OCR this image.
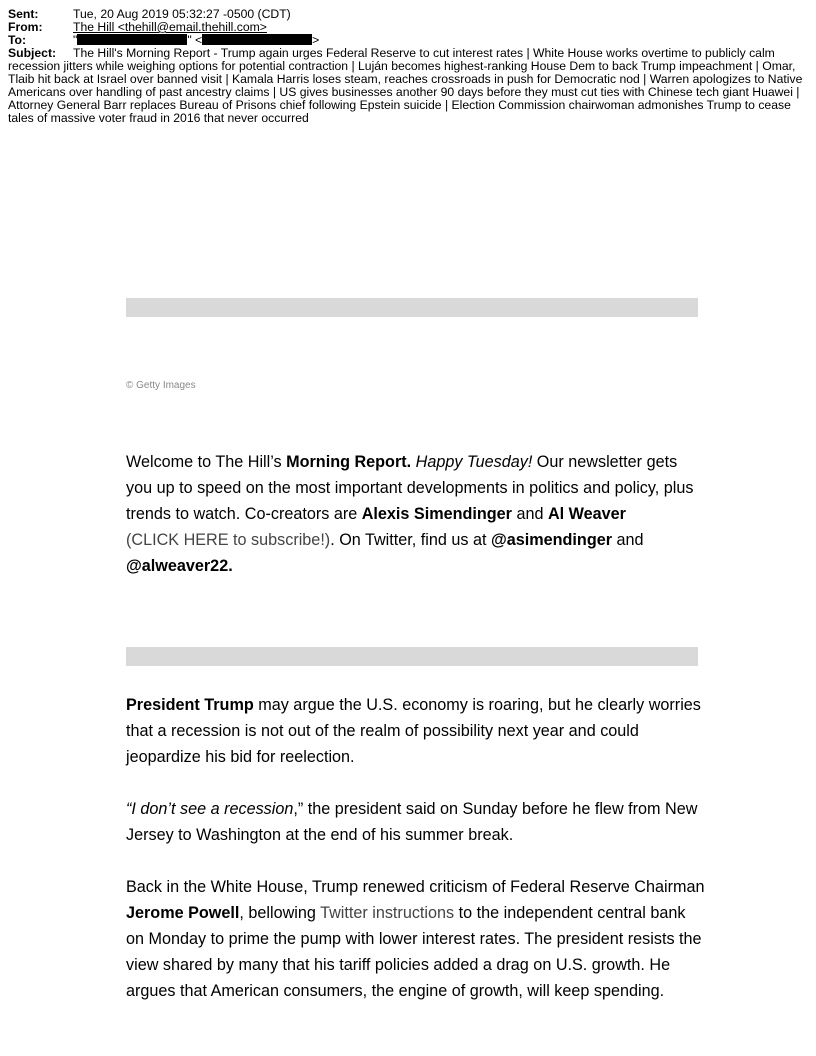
Sent:	Tue, 20 Aug 2019 05:32:27 -0500 (CDT)
From:	The Hill <thehill@email.thehill.com>
To:	"	" <	>
Subject:	The Hill's Morning Report - Trump again urges Federal Reserve to cut interest rates | White House works overtime to publicly calm recession jitters while weighing options for potential contraction | Luján becomes highest-ranking House Dem to back Trump impeachment | Omar, Tlaib hit back at Israel over banned visit | Kamala Harris loses steam, reaches crossroads in push for Democratic nod | Warren apologizes to Native Americans over handling of past ancestry claims | US gives businesses another 90 days before they must cut ties with Chinese tech giant Huawei | Attorney General Barr replaces Bureau of Prisons chief following Epstein suicide | Election Commission chairwoman admonishes Trump to cease tales of massive voter fraud in 2016 that never occurred
© Getty Images
Welcome to The Hill’s Morning Report. Happy Tuesday! Our newsletter gets you up to speed on the most important developments in politics and policy, plus trends to watch. Co-creators are Alexis Simendinger and Al Weaver
(CLICK HERE to subscribe!). On Twitter, find us at @asimendinger and @alweaver22.
President Trump may argue the U.S. economy is roaring, but he clearly worries that a recession is not out of the realm of possibility next year and could jeopardize his bid for reelection.
“I don’t see a recession,” the president said on Sunday before he flew from New Jersey to Washington at the end of his summer break.
Back in the White House, Trump renewed criticism of Federal Reserve Chairman Jerome Powell, bellowing Twitter instructions to the independent central bank on Monday to prime the pump with lower interest rates. The president resists the view shared by many that his tariff policies added a drag on U.S. growth. He argues that American consumers, the engine of growth, will keep spending.
